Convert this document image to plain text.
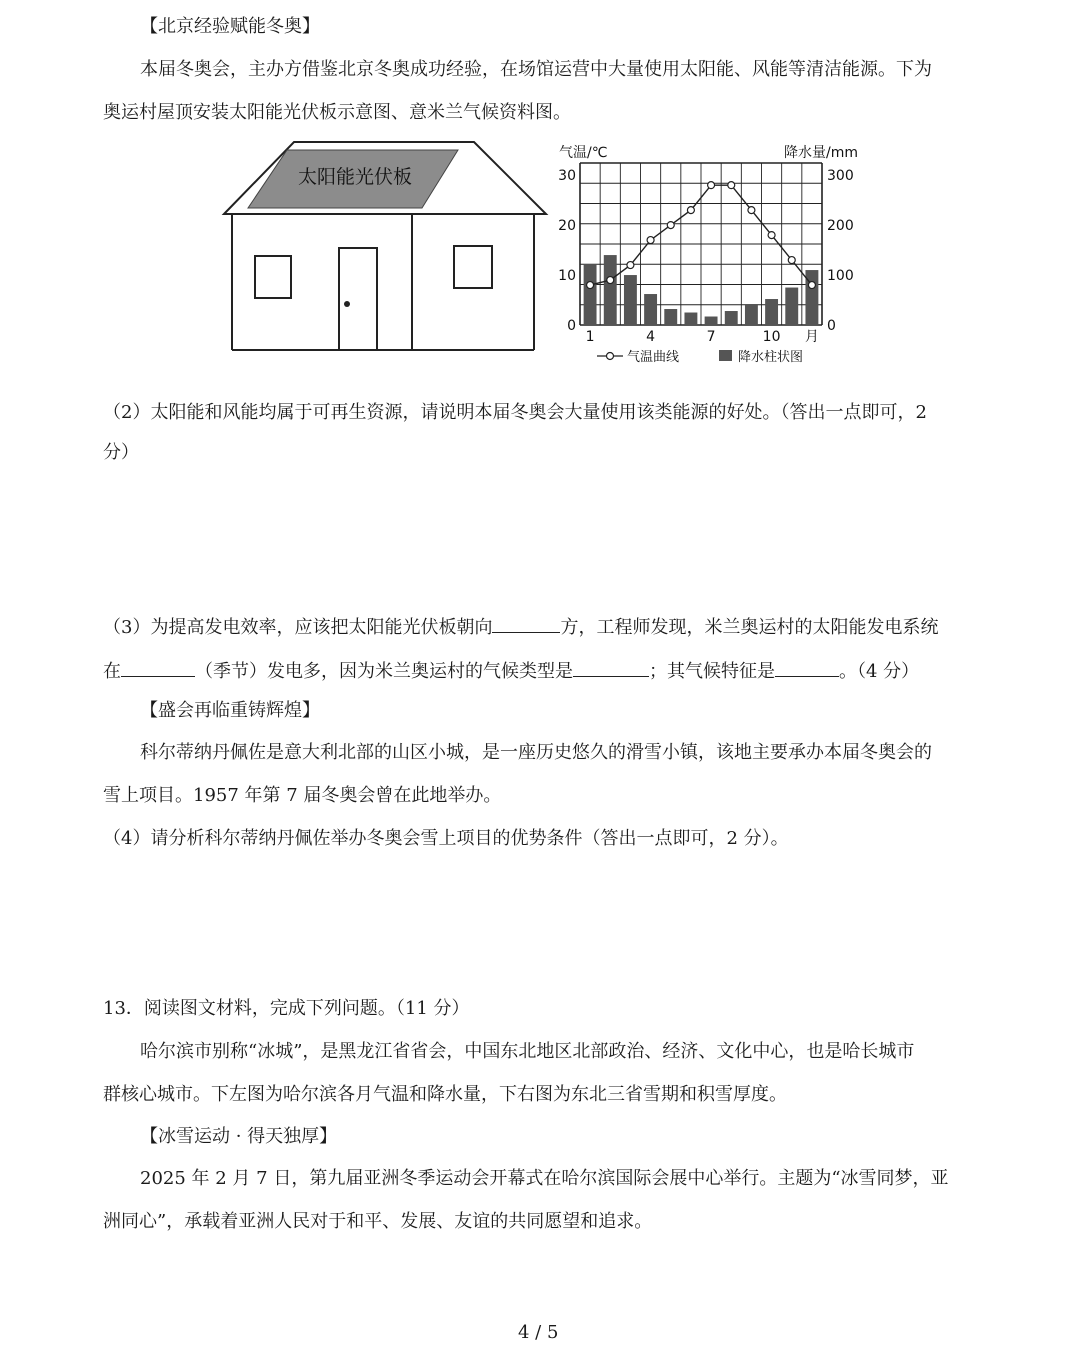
【北京经验赋能冬奥】
本届冬奥会，主办方借鉴北京冬奥成功经验，在场馆运营中大量使用太阳能、风能等清洁能源。下为
奥运村屋顶安装太阳能光伏板示意图、意米兰气候资料图。
太阳能光伏板
气温/℃	降水量/mm
0
10
20
30
0
100
200
300
1	4	7	10 月
气温曲线	降水柱状图
（2）太阳能和风能均属于可再生资源，请说明本届冬奥会大量使用该类能源的好处。（答出一点即可，2
分）
（3）为提高发电效率，应该把太阳能光伏板朝向	方，工程师发现，米兰奥运村的太阳能发电系统
在	（季节）发电多，因为米兰奥运村的气候类型是	；其气候特征是	。（4 分）
【盛会再临重铸辉煌】
科尔蒂纳丹佩佐是意大利北部的山区小城，是一座历史悠久的滑雪小镇，该地主要承办本届冬奥会的
雪上项目。1957 年第 7 届冬奥会曾在此地举办。
（4）请分析科尔蒂纳丹佩佐举办冬奥会雪上项目的优势条件（答出一点即可，2 分）。
13．阅读图文材料，完成下列问题。（11 分）
哈尔滨市别称“冰城”，是黑龙江省省会，中国东北地区北部政治、经济、文化中心，也是哈长城市
群核心城市。下左图为哈尔滨各月气温和降水量，下右图为东北三省雪期和积雪厚度。
【冰雪运动 · 得天独厚】
2025 年 2 月 7 日，第九届亚洲冬季运动会开幕式在哈尔滨国际会展中心举行。主题为“冰雪同梦，亚
洲同心”，承载着亚洲人民对于和平、发展、友谊的共同愿望和追求。
4 / 5
